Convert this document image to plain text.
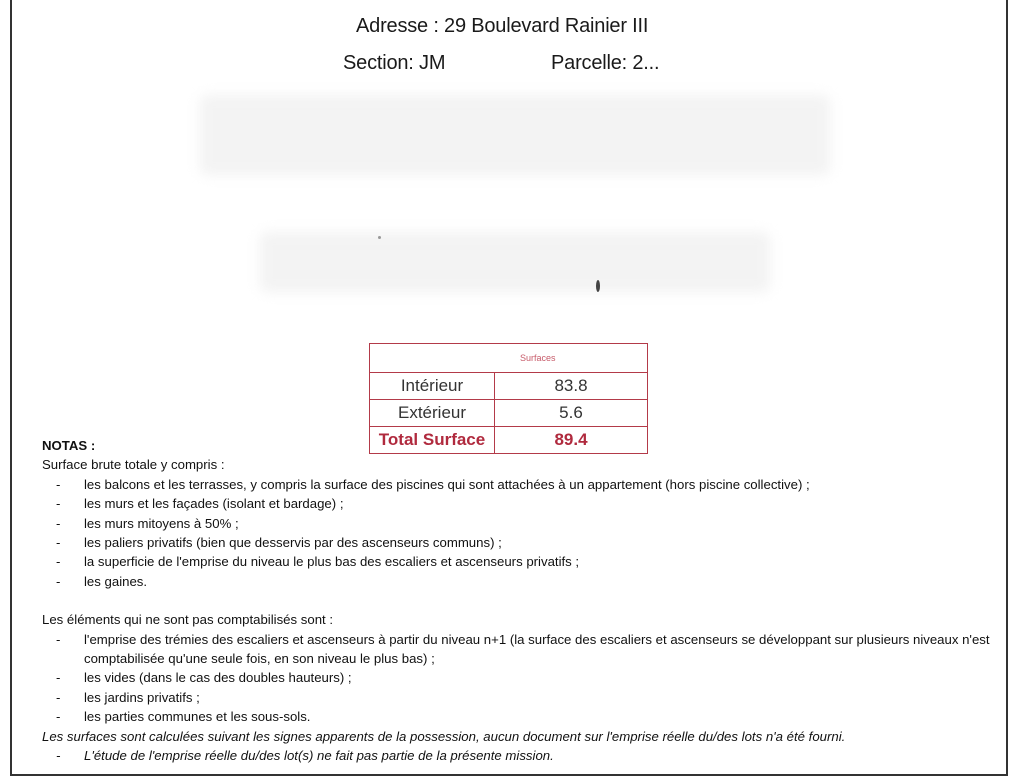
Adresse : 29 Boulevard Rainier III
Section: JM	Parcelle: 2...
Surfaces	
Intérieur	83.8
Extérieur	5.6
Total Surface	89.4

NOTAS :

Surface brute totale y compris :

- les balcons et les terrasses, y compris la surface des piscines qui sont attachées à un appartement (hors piscine collective) ;
- les murs et les façades (isolant et bardage) ;
- les murs mitoyens à 50% ;
- les paliers privatifs (bien que desservis par des ascenseurs communs) ;
- la superficie de l'emprise du niveau le plus bas des escaliers et ascenseurs privatifs ;
- les gaines.

Les éléments qui ne sont pas comptabilisés sont :

- l'emprise des trémies des escaliers et ascenseurs à partir du niveau n+1 (la surface des escaliers et ascenseurs se développant sur plusieurs niveaux n'est comptabilisée qu'une seule fois, en son niveau le plus bas) ;
- les vides (dans le cas des doubles hauteurs) ;
- les jardins privatifs ;
- les parties communes et les sous-sols.

Les surfaces sont calculées suivant les signes apparents de la possession, aucun document sur l'emprise réelle du/des lots n'a été fourni.

- L'étude de l'emprise réelle du/des lot(s) ne fait pas partie de la présente mission.
